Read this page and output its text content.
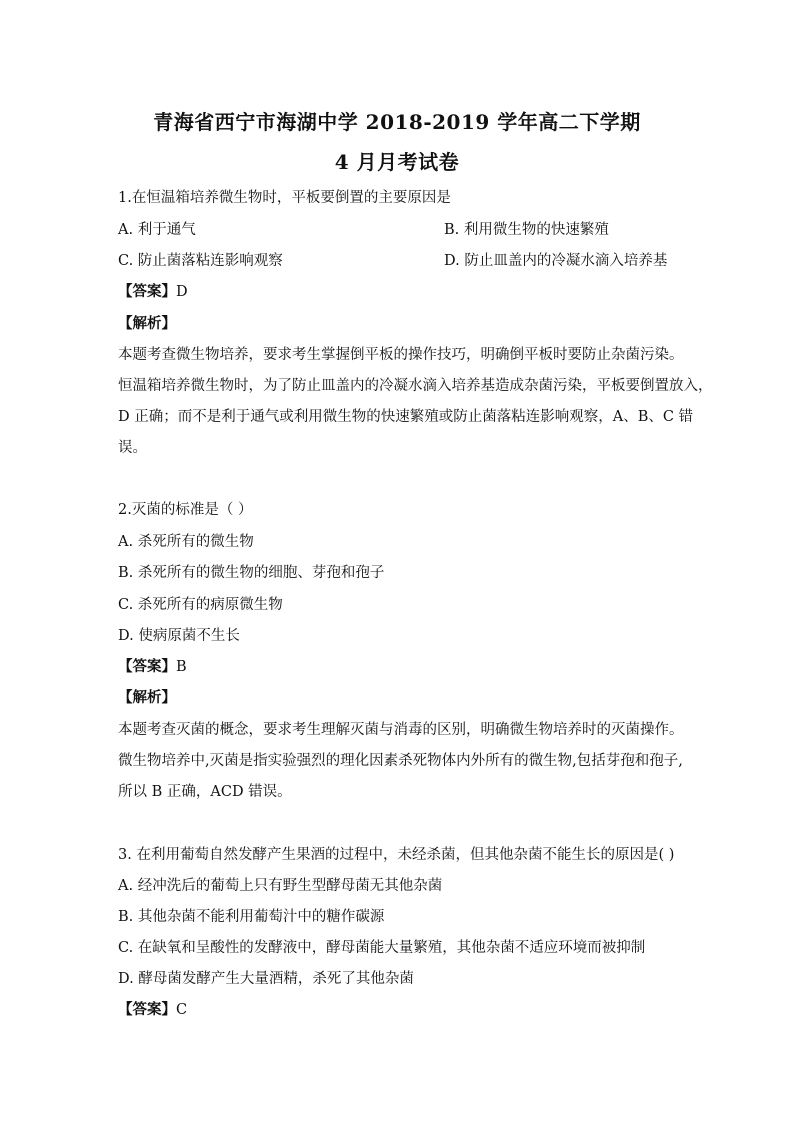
青海省西宁市海湖中学 2018-2019 学年高二下学期
4 月月考试卷
1.在恒温箱培养微生物时，平板要倒置的主要原因是
A. 利于通气	B. 利用微生物的快速繁殖
C. 防止菌落粘连影响观察	D. 防止皿盖内的冷凝水滴入培养基
【答案】D
【解析】
本题考查微生物培养，要求考生掌握倒平板的操作技巧，明确倒平板时要防止杂菌污染。
恒温箱培养微生物时，为了防止皿盖内的冷凝水滴入培养基造成杂菌污染，平板要倒置放入，
D 正确；而不是利于通气或利用微生物的快速繁殖或防止菌落粘连影响观察，A、B、C 错
误。
2.灭菌的标准是（ ）
A. 杀死所有的微生物
B. 杀死所有的微生物的细胞、芽孢和孢子
C. 杀死所有的病原微生物
D. 使病原菌不生长
【答案】B
【解析】
本题考查灭菌的概念，要求考生理解灭菌与消毒的区别，明确微生物培养时的灭菌操作。
微生物培养中,灭菌是指实验强烈的理化因素杀死物体内外所有的微生物,包括芽孢和孢子,
所以 B 正确，ACD 错误。
3. 在利用葡萄自然发酵产生果酒的过程中，未经杀菌，但其他杂菌不能生长的原因是( )
A. 经冲洗后的葡萄上只有野生型酵母菌无其他杂菌
B. 其他杂菌不能利用葡萄汁中的糖作碳源
C. 在缺氧和呈酸性的发酵液中，酵母菌能大量繁殖，其他杂菌不适应环境而被抑制
D. 酵母菌发酵产生大量酒精，杀死了其他杂菌
【答案】C
